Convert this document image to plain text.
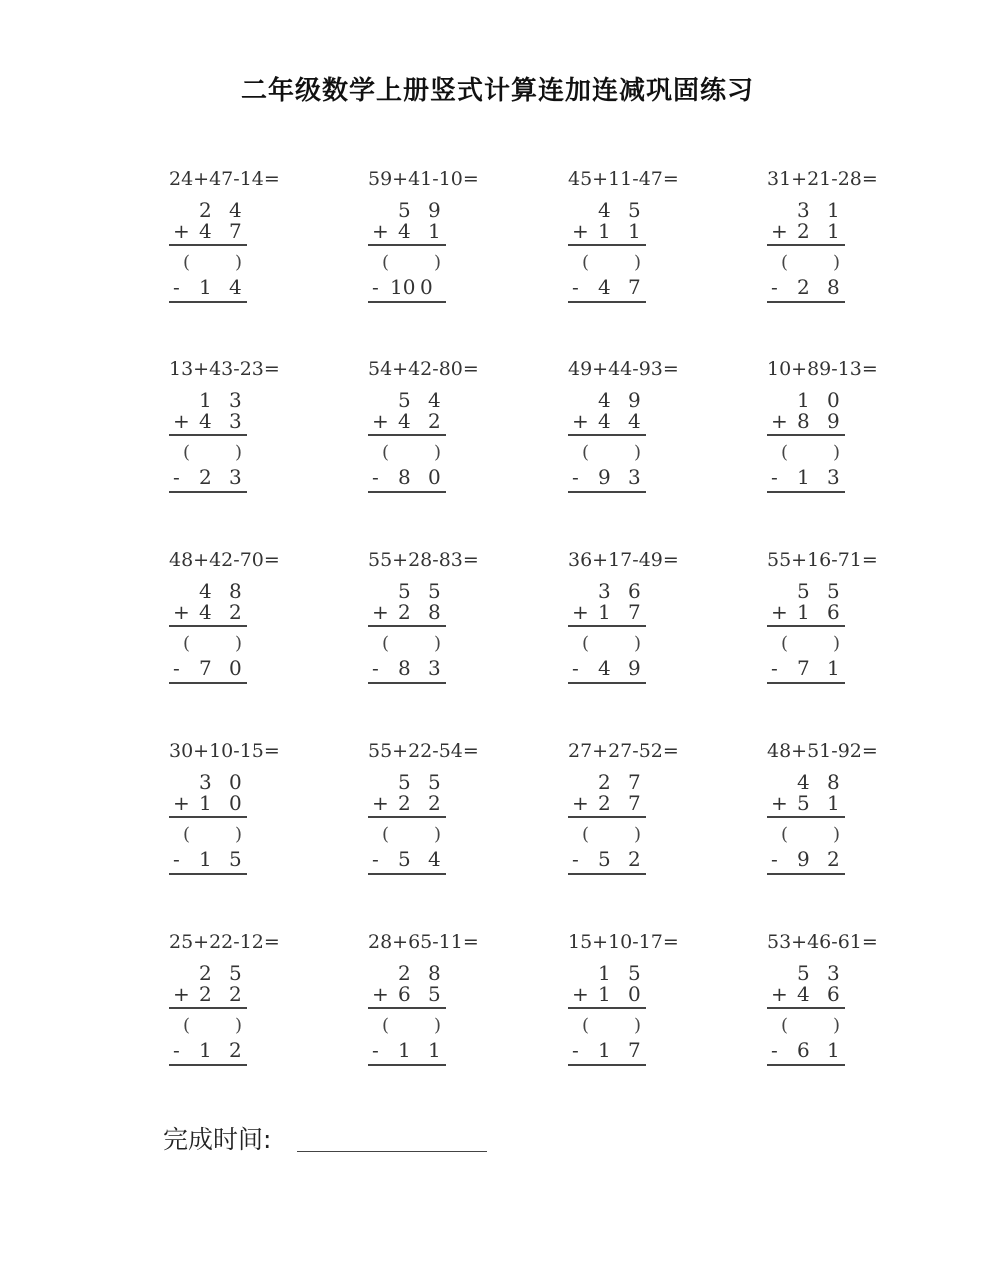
二年级数学上册竖式计算连加连减巩固练习
24+47-14=
2 4
+ 4 7
( )
- 1 4
59+41-10=
5 9
+ 4 1
( )
- 10 0
45+11-47=
4 5
+ 1 1
( )
- 4 7
31+21-28=
3 1
+ 2 1
( )
- 2 8
13+43-23=
1 3
+ 4 3
( )
- 2 3
54+42-80=
5 4
+ 4 2
( )
- 8 0
49+44-93=
4 9
+ 4 4
( )
- 9 3
10+89-13=
1 0
+ 8 9
( )
- 1 3
48+42-70=
4 8
+ 4 2
( )
- 7 0
55+28-83=
5 5
+ 2 8
( )
- 8 3
36+17-49=
3 6
+ 1 7
( )
- 4 9
55+16-71=
5 5
+ 1 6
( )
- 7 1
30+10-15=
3 0
+ 1 0
( )
- 1 5
55+22-54=
5 5
+ 2 2
( )
- 5 4
27+27-52=
2 7
+ 2 7
( )
- 5 2
48+51-92=
4 8
+ 5 1
( )
- 9 2
25+22-12=
2 5
+ 2 2
( )
- 1 2
28+65-11=
2 8
+ 6 5
( )
- 1 1
15+10-17=
1 5
+ 1 0
( )
- 1 7
53+46-61=
5 3
+ 4 6
( )
- 6 1
完成时间:
